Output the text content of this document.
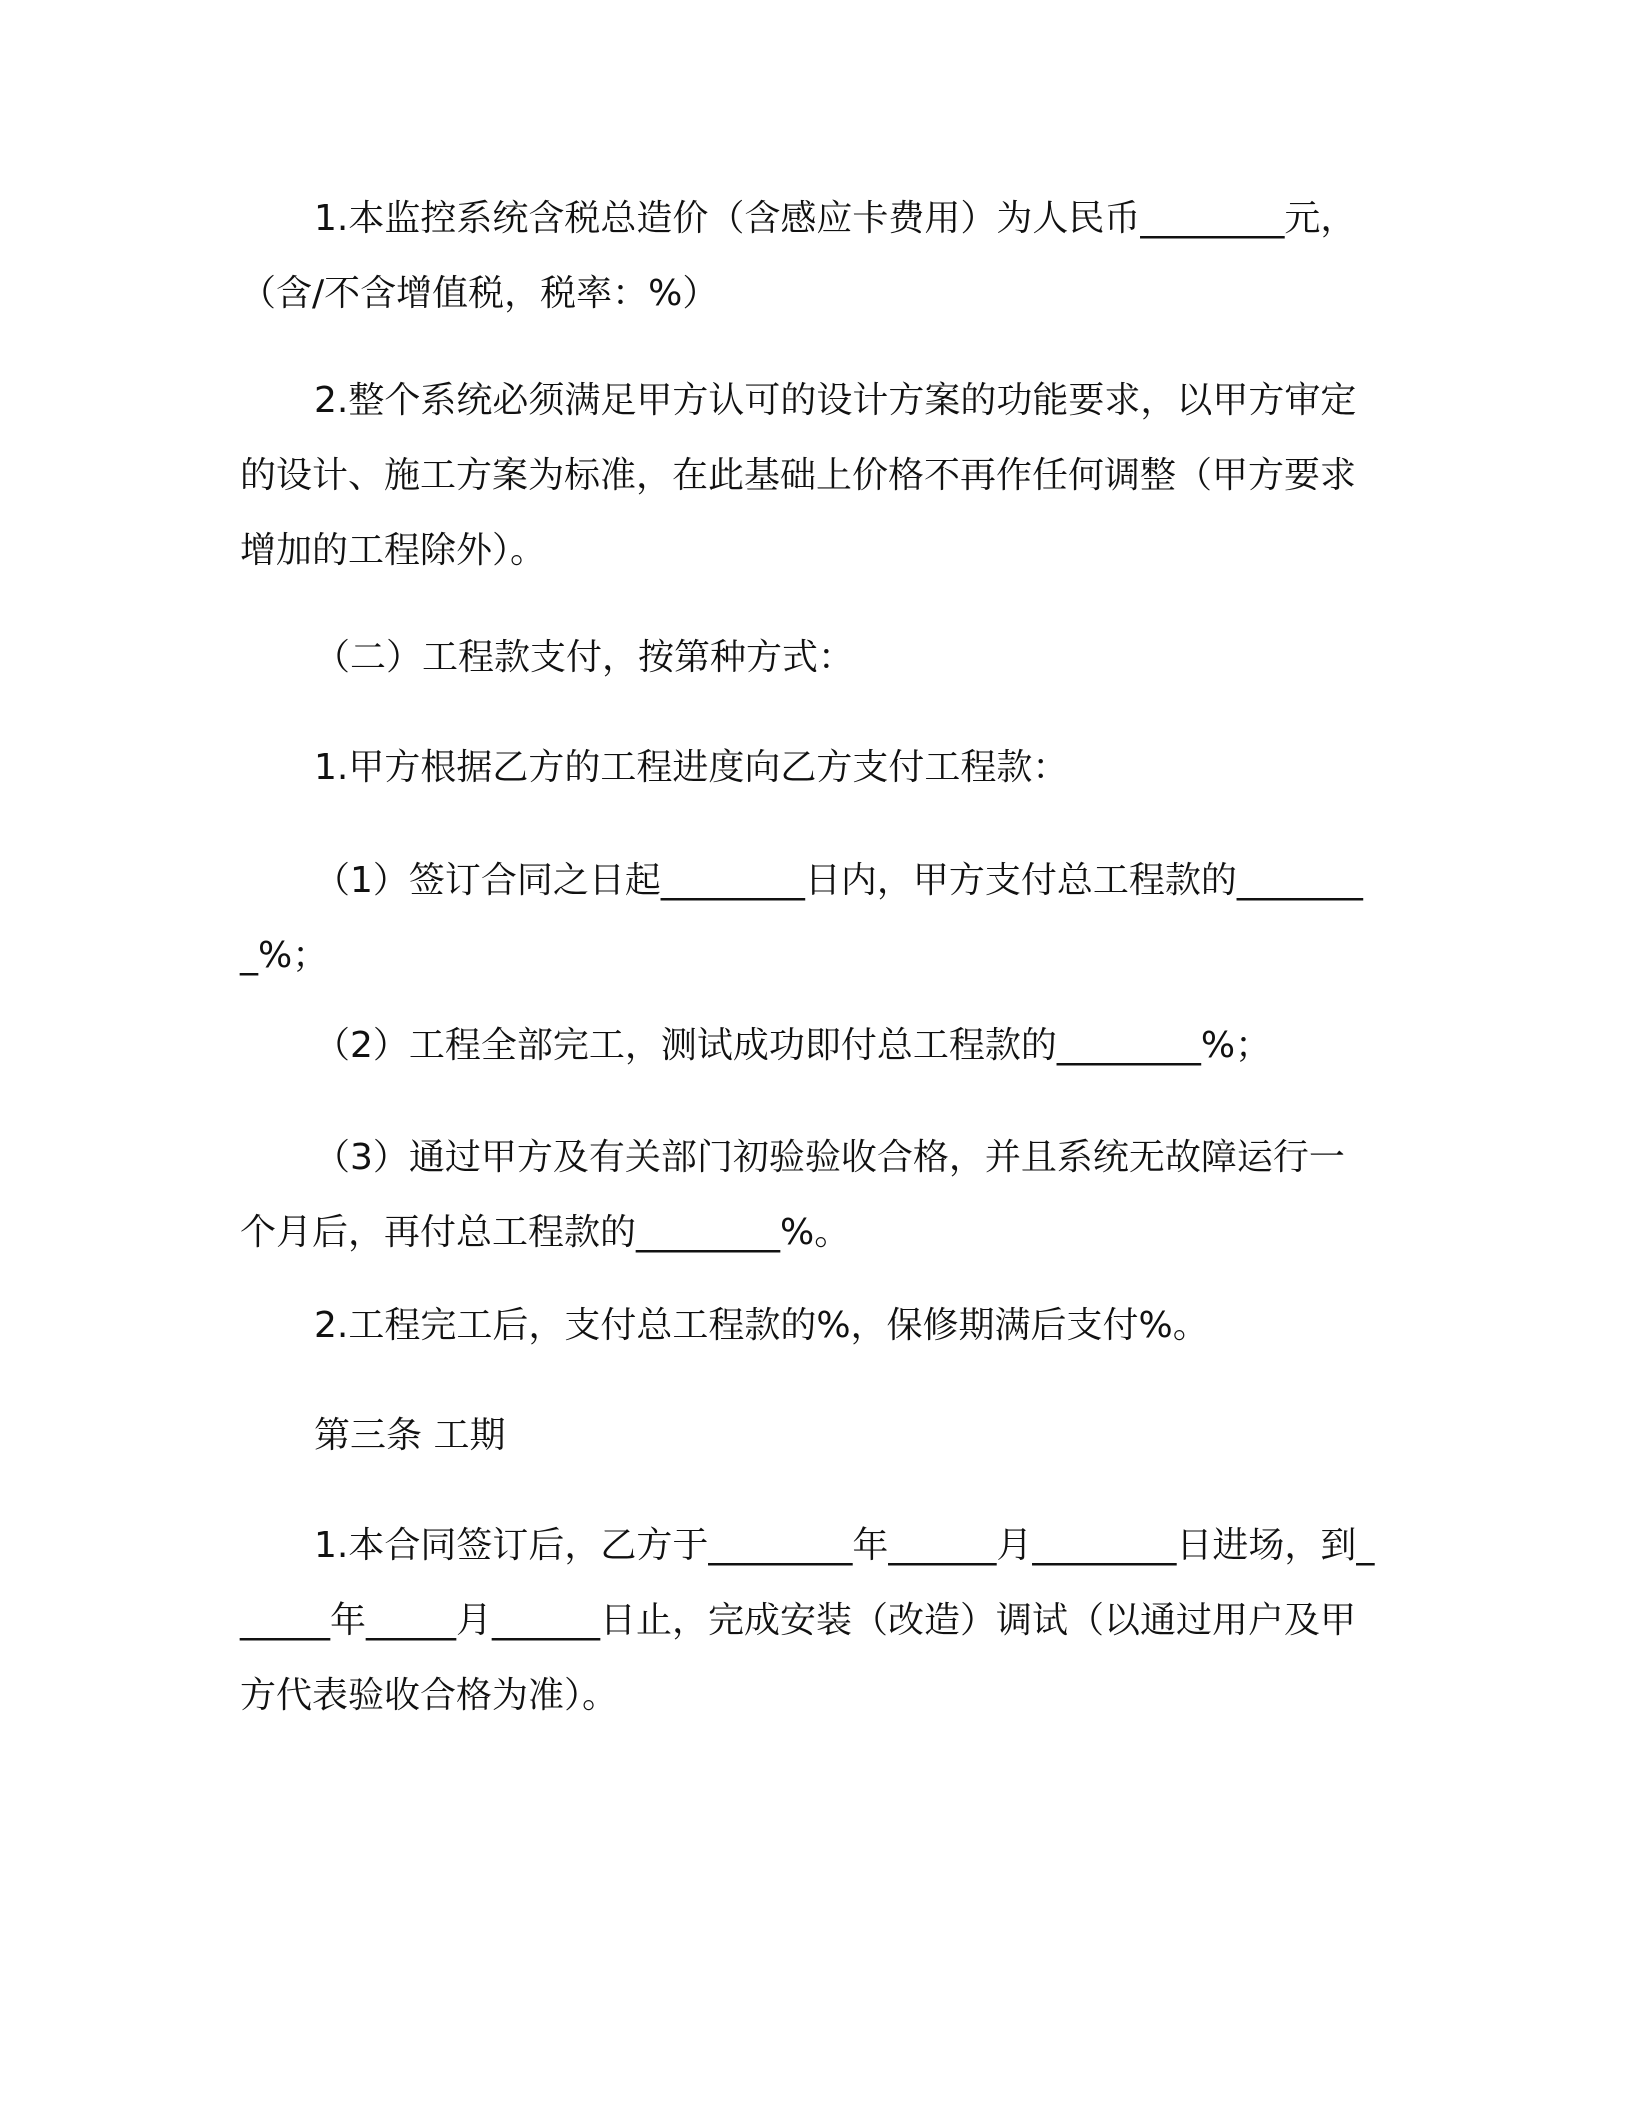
1.本监控系统含税总造价（含感应卡费用）为人民币________元，（含/不含增值税，税率：%）

2.整个系统必须满足甲方认可的设计方案的功能要求，以甲方审定的设计、施工方案为标准，在此基础上价格不再作任何调整（甲方要求增加的工程除外）。

（二）工程款支付，按第种方式：

1.甲方根据乙方的工程进度向乙方支付工程款：

（1）签订合同之日起________日内，甲方支付总工程款的________%；

（2）工程全部完工，测试成功即付总工程款的________%；

（3）通过甲方及有关部门初验验收合格，并且系统无故障运行一个月后，再付总工程款的________%。

2.工程完工后，支付总工程款的%，保修期满后支付%。

第三条 工期

1.本合同签订后，乙方于________年______月________日进场，到______年_____月______日止，完成安装（改造）调试（以通过用户及甲方代表验收合格为准）。
